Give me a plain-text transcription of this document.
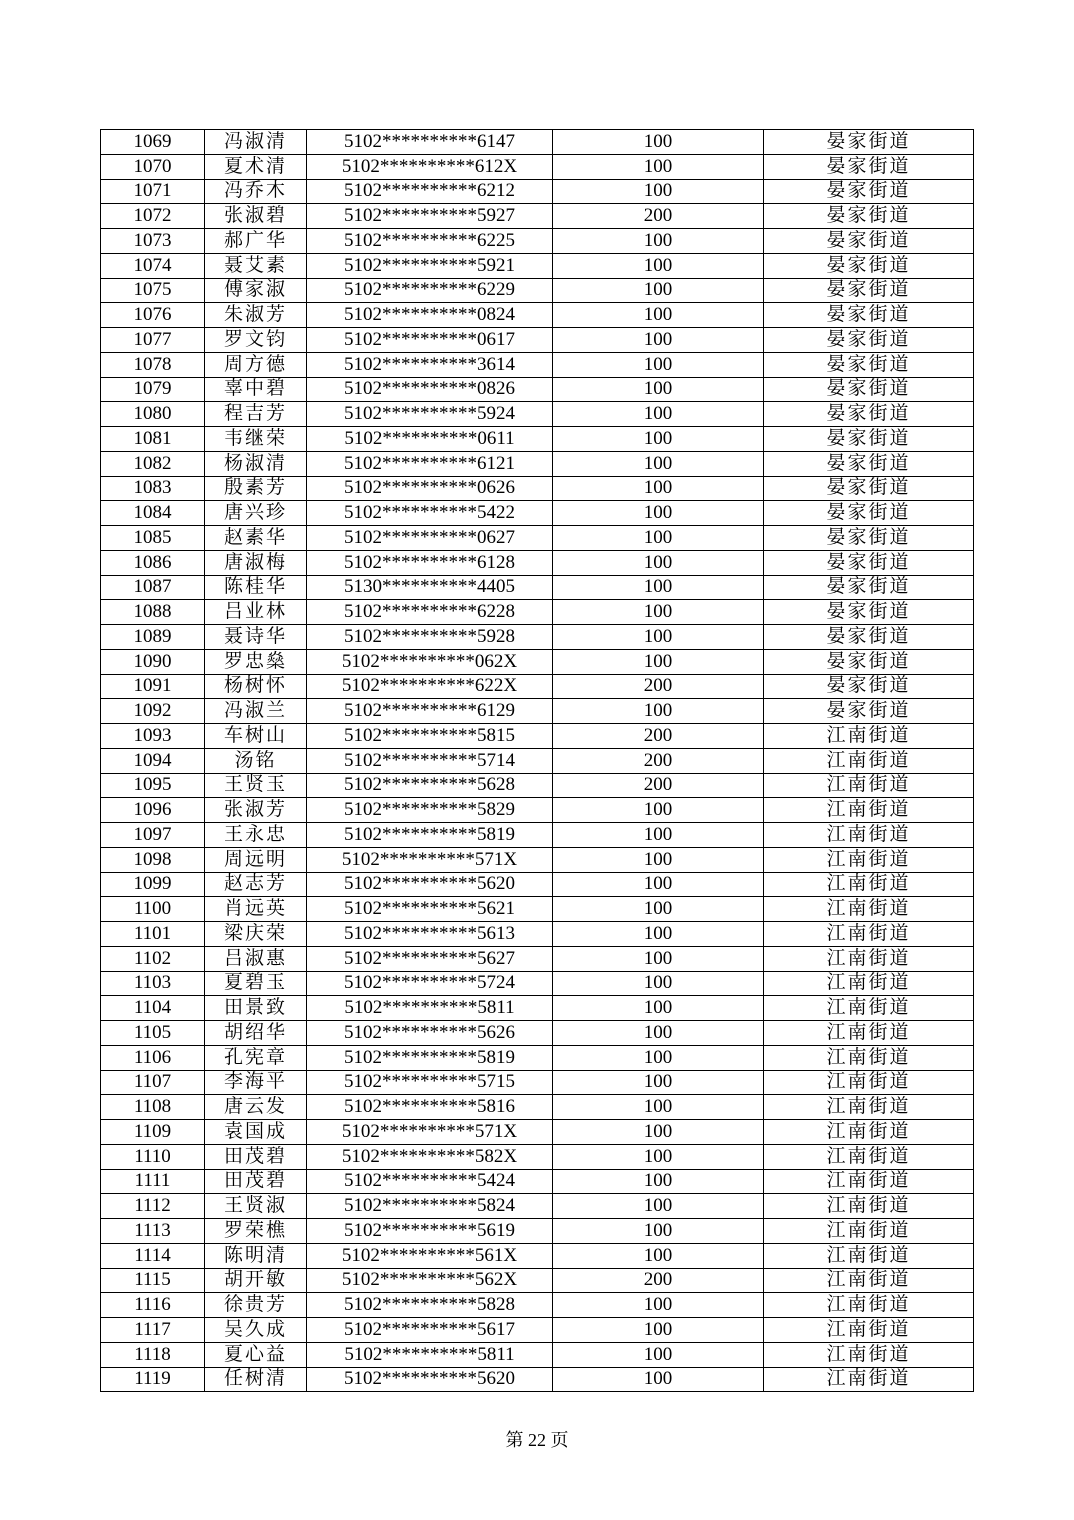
1069	冯淑清	5102**********6147	100	晏家街道
1070	夏术清	5102**********612X	100	晏家街道
1071	冯乔木	5102**********6212	100	晏家街道
1072	张淑碧	5102**********5927	200	晏家街道
1073	郝广华	5102**********6225	100	晏家街道
1074	聂艾素	5102**********5921	100	晏家街道
1075	傅家淑	5102**********6229	100	晏家街道
1076	朱淑芳	5102**********0824	100	晏家街道
1077	罗文钧	5102**********0617	100	晏家街道
1078	周方德	5102**********3614	100	晏家街道
1079	辜中碧	5102**********0826	100	晏家街道
1080	程吉芳	5102**********5924	100	晏家街道
1081	韦继荣	5102**********0611	100	晏家街道
1082	杨淑清	5102**********6121	100	晏家街道
1083	殷素芳	5102**********0626	100	晏家街道
1084	唐兴珍	5102**********5422	100	晏家街道
1085	赵素华	5102**********0627	100	晏家街道
1086	唐淑梅	5102**********6128	100	晏家街道
1087	陈桂华	5130**********4405	100	晏家街道
1088	吕业林	5102**********6228	100	晏家街道
1089	聂诗华	5102**********5928	100	晏家街道
1090	罗忠燊	5102**********062X	100	晏家街道
1091	杨树怀	5102**********622X	200	晏家街道
1092	冯淑兰	5102**********6129	100	晏家街道
1093	车树山	5102**********5815	200	江南街道
1094	汤铭	5102**********5714	200	江南街道
1095	王贤玉	5102**********5628	200	江南街道
1096	张淑芳	5102**********5829	100	江南街道
1097	王永忠	5102**********5819	100	江南街道
1098	周远明	5102**********571X	100	江南街道
1099	赵志芳	5102**********5620	100	江南街道
1100	肖远英	5102**********5621	100	江南街道
1101	梁庆荣	5102**********5613	100	江南街道
1102	吕淑惠	5102**********5627	100	江南街道
1103	夏碧玉	5102**********5724	100	江南街道
1104	田景致	5102**********5811	100	江南街道
1105	胡绍华	5102**********5626	100	江南街道
1106	孔宪章	5102**********5819	100	江南街道
1107	李海平	5102**********5715	100	江南街道
1108	唐云发	5102**********5816	100	江南街道
1109	袁国成	5102**********571X	100	江南街道
1110	田茂碧	5102**********582X	100	江南街道
1111	田茂碧	5102**********5424	100	江南街道
1112	王贤淑	5102**********5824	100	江南街道
1113	罗荣樵	5102**********5619	100	江南街道
1114	陈明清	5102**********561X	100	江南街道
1115	胡开敏	5102**********562X	200	江南街道
1116	徐贵芳	5102**********5828	100	江南街道
1117	吴久成	5102**********5617	100	江南街道
1118	夏心益	5102**********5811	100	江南街道
1119	任树清	5102**********5620	100	江南街道
第 22 页
